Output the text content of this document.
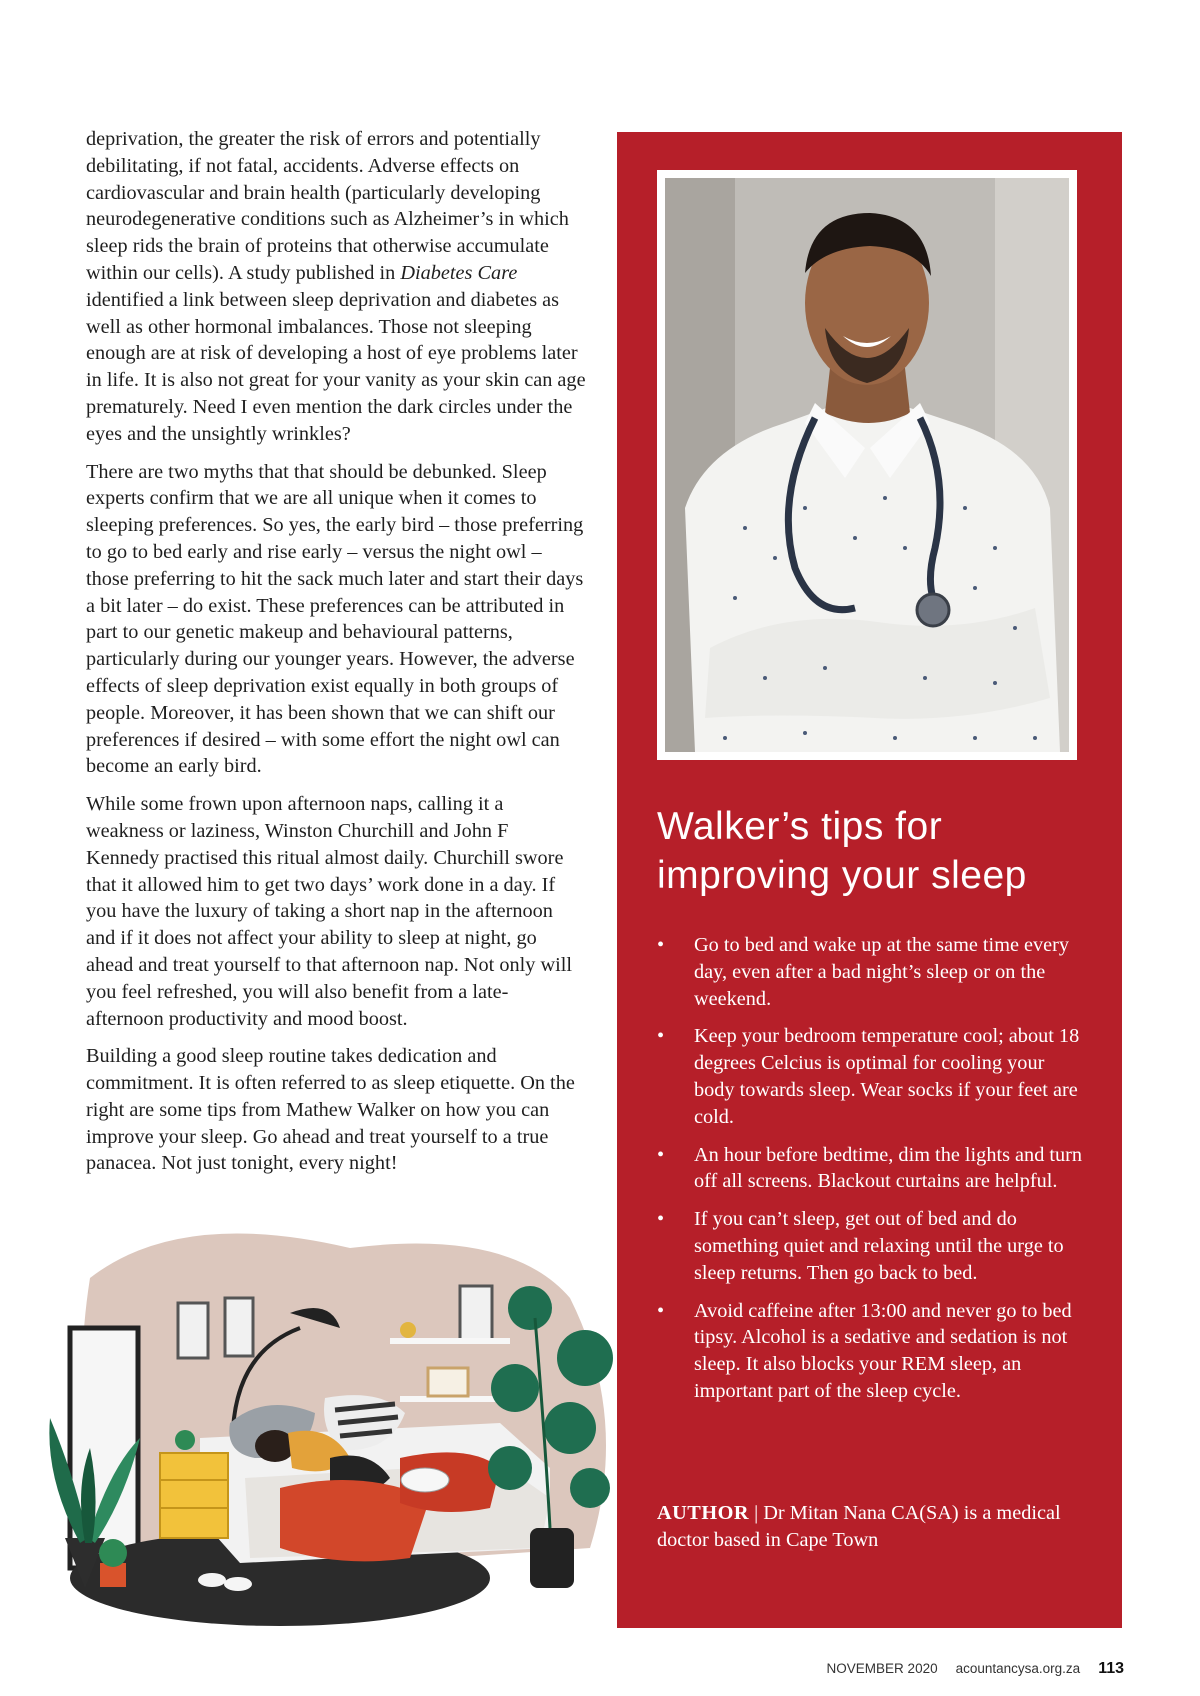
deprivation, the greater the risk of errors and potentially debilitating, if not fatal, accidents. Adverse effects on cardiovascular and brain health (particularly developing neurodegenerative conditions such as Alzheimer’s in which sleep rids the brain of proteins that otherwise accumulate within our cells). A study published in Diabetes Care identified a link between sleep deprivation and diabetes as well as other hormonal imbalances. Those not sleeping enough are at risk of developing a host of eye problems later in life. It is also not great for your vanity as your skin can age prematurely. Need I even mention the dark circles under the eyes and the unsightly wrinkles?

There are two myths that that should be debunked. Sleep experts confirm that we are all unique when it comes to sleeping preferences. So yes, the early bird – those preferring to go to bed early and rise early – versus the night owl – those preferring to hit the sack much later and start their days a bit later – do exist. These preferences can be attributed in part to our genetic makeup and behavioural patterns, particularly during our younger years. However, the adverse effects of sleep deprivation exist equally in both groups of people. Moreover, it has been shown that we can shift our preferences if desired – with some effort the night owl can become an early bird.

While some frown upon afternoon naps, calling it a weakness or laziness, Winston Churchill and John F Kennedy practised this ritual almost daily. Churchill swore that it allowed him to get two days’ work done in a day. If you have the luxury of taking a short nap in the afternoon and if it does not affect your ability to sleep at night, go ahead and treat yourself to that afternoon nap. Not only will you feel refreshed, you will also benefit from a late-afternoon productivity and mood boost.

Building a good sleep routine takes dedication and commitment. It is often referred to as sleep etiquette. On the right are some tips from Mathew Walker on how you can improve your sleep. Go ahead and treat yourself to a true panacea. Not just tonight, every night!

Walker’s tips for improving your sleep
• Go to bed and wake up at the same time every day, even after a bad night’s sleep or on the weekend.
• Keep your bedroom temperature cool; about 18 degrees Celcius is optimal for cooling your body towards sleep. Wear socks if your feet are cold.
• An hour before bedtime, dim the lights and turn off all screens. Blackout curtains are helpful.
• If you can’t sleep, get out of bed and do something quiet and relaxing until the urge to sleep returns. Then go back to bed.
• Avoid caffeine after 13:00 and never go to bed tipsy. Alcohol is a sedative and sedation is not sleep. It also blocks your REM sleep, an important part of the sleep cycle.

AUTHOR | Dr Mitan Nana CA(SA) is a medical doctor based in Cape Town

NOVEMBER 2020 acountancysa.org.za 113
